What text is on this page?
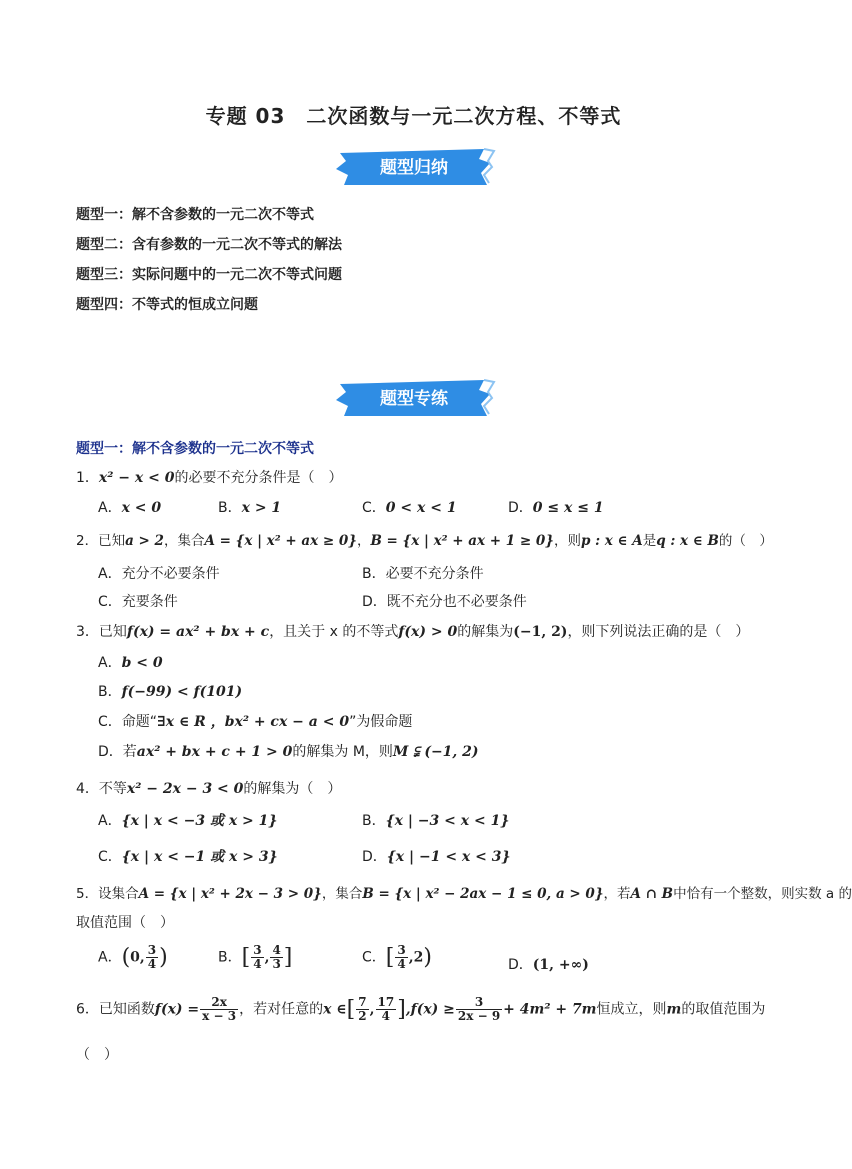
专题 03　二次函数与一元二次方程、不等式
题型归纳
题型一：解不含参数的一元二次不等式
题型二：含有参数的一元二次不等式的解法
题型三：实际问题中的一元二次不等式问题
题型四：不等式的恒成立问题
题型专练
题型一：解不含参数的一元二次不等式
1．x² − x < 0的必要不充分条件是（　）
A．x < 0	B．x > 1	C．0 < x < 1	D．0 ≤ x ≤ 1
2．已知a > 2，集合A = {x | x² + ax ≥ 0}，B = {x | x² + ax + 1 ≥ 0}，则p : x ∈ A是q : x ∈ B的（　）
A．充分不必要条件	B．必要不充分条件
C．充要条件	D．既不充分也不必要条件
3．已知f(x) = ax² + bx + c，且关于 x 的不等式f(x) > 0的解集为(−1, 2)，则下列说法正确的是（　）
A．b < 0
B．f(−99) < f(101)
C．命题“∃x ∈ R ，bx² + cx − a < 0”为假命题
D．若ax² + bx + c + 1 > 0的解集为 M，则M ⫋ (−1, 2)
4．不等x² − 2x − 3 < 0的解集为（　）
A．{x | x < −3 或 x > 1}	B．{x | −3 < x < 1}
C．{x | x < −1 或 x > 3}	D．{x | −1 < x < 3}
5．设集合A = {x | x² + 2x − 3 > 0}，集合B = {x | x² − 2ax − 1 ≤ 0, a > 0}，若A ∩ B中恰有一个整数，则实数 a 的
取值范围（　）
A．(0, $\frac{3}{4}$ )	B．[ $\frac{3}{4}$ , $\frac{4}{3}$ ]	C．[ $\frac{3}{4} ,2$)	D．(1, +∞)
6．已知函数$f(x) = \frac{2x}{x - 3}$ ，若对任意的x ∈[ $\frac{7}{2}$ , $\frac{17}{4} ],f(x) \ge \frac{3}{2x - 9} + 4m^2 + 7m$恒成立，则m的取值范围为
（　）
